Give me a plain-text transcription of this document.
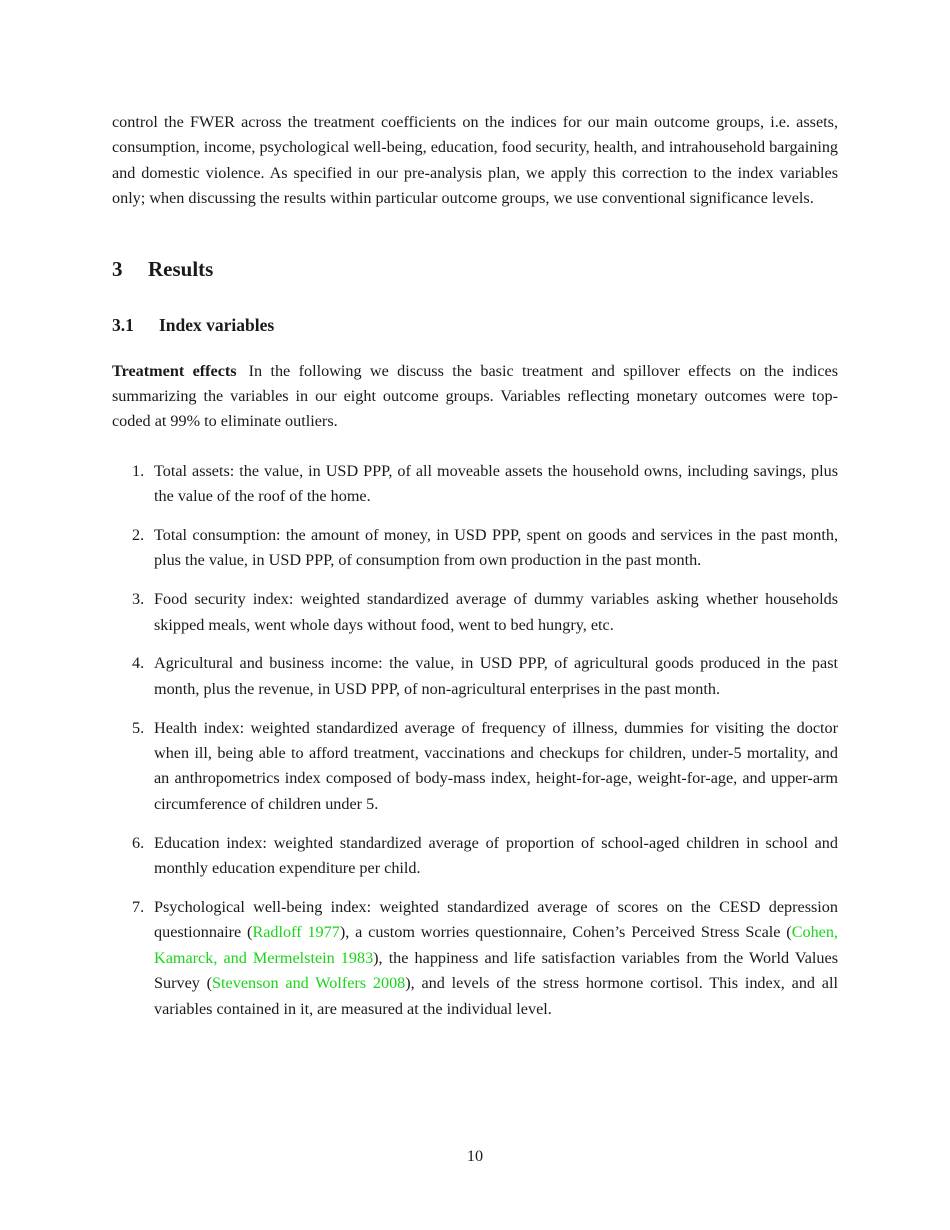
control the FWER across the treatment coefficients on the indices for our main outcome groups, i.e. assets, consumption, income, psychological well-being, education, food security, health, and intrahousehold bargaining and domestic violence. As specified in our pre-analysis plan, we apply this correction to the index variables only; when discussing the results within particular outcome groups, we use conventional significance levels.

3 Results
3.1 Index variables

Treatment effects In the following we discuss the basic treatment and spillover effects on the indices summarizing the variables in our eight outcome groups. Variables reflecting monetary outcomes were top-coded at 99% to eliminate outliers.

1. Total assets: the value, in USD PPP, of all moveable assets the household owns, including savings, plus the value of the roof of the home.
2. Total consumption: the amount of money, in USD PPP, spent on goods and services in the past month, plus the value, in USD PPP, of consumption from own production in the past month.
3. Food security index: weighted standardized average of dummy variables asking whether households skipped meals, went whole days without food, went to bed hungry, etc.
4. Agricultural and business income: the value, in USD PPP, of agricultural goods produced in the past month, plus the revenue, in USD PPP, of non-agricultural enterprises in the past month.
5. Health index: weighted standardized average of frequency of illness, dummies for visiting the doctor when ill, being able to afford treatment, vaccinations and checkups for children, under-5 mortality, and an anthropometrics index composed of body-mass index, height-for-age, weight-for-age, and upper-arm circumference of children under 5.
6. Education index: weighted standardized average of proportion of school-aged children in school and monthly education expenditure per child.
7. Psychological well-being index: weighted standardized average of scores on the CESD depression questionnaire (Radloff 1977), a custom worries questionnaire, Cohen’s Perceived Stress Scale (Cohen, Kamarck, and Mermelstein 1983), the happiness and life satisfaction variables from the World Values Survey (Stevenson and Wolfers 2008), and levels of the stress hormone cortisol. This index, and all variables contained in it, are measured at the individual level.
10
